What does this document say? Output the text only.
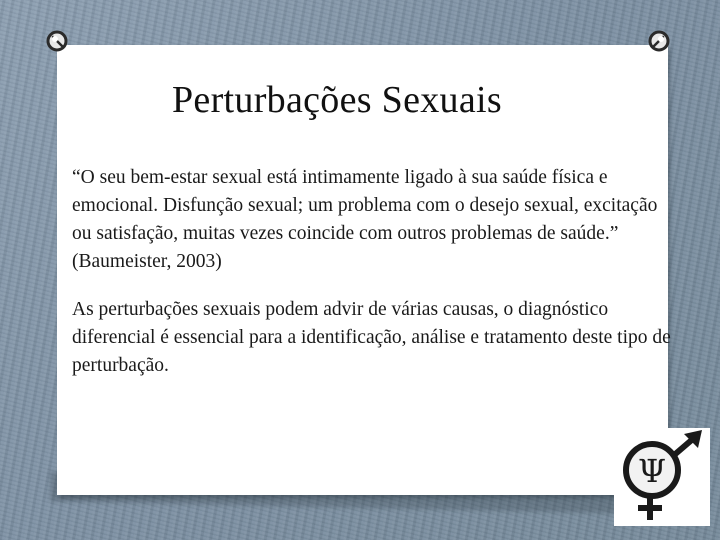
Perturbações Sexuais

“O seu bem-estar sexual está intimamente ligado à sua saúde física e emocional. Disfunção sexual; um problema com o desejo sexual, excitação ou satisfação, muitas vezes coincide com outros problemas de saúde.” (Baumeister, 2003)

As perturbações sexuais podem advir de várias causas, o diagnóstico diferencial é essencial para a identificação, análise e tratamento deste tipo de perturbação.

Ψ
